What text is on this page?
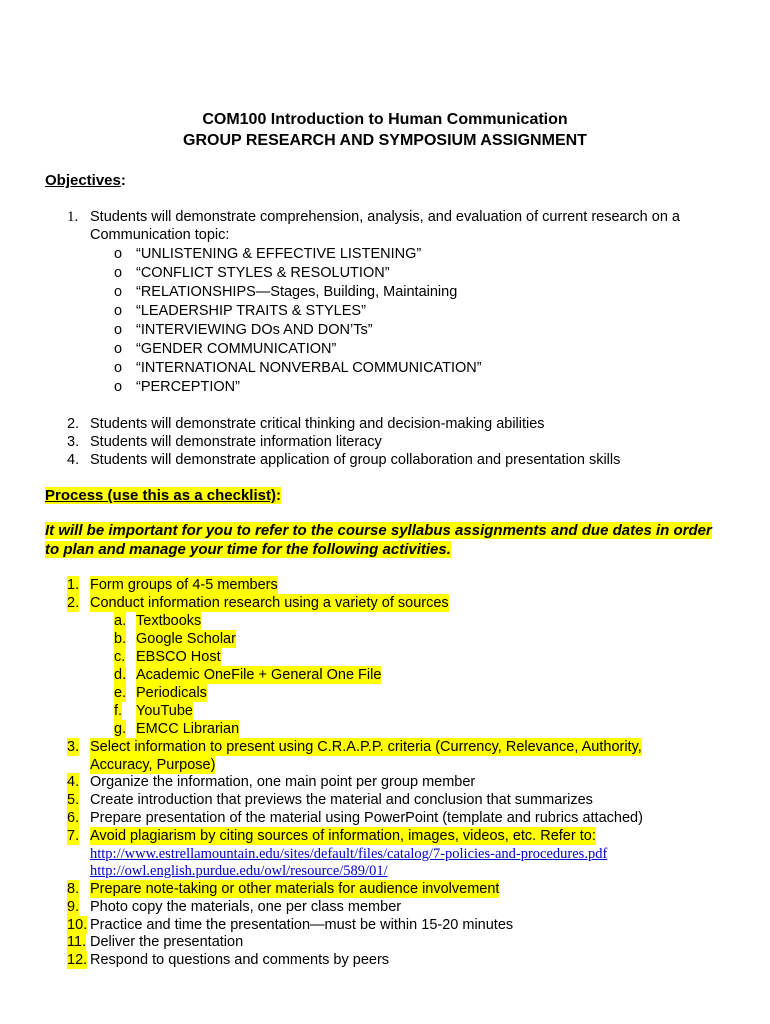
COM100 Introduction to Human Communication
GROUP RESEARCH AND SYMPOSIUM ASSIGNMENT
Objectives:
1. Students will demonstrate comprehension, analysis, and evaluation of current research on a
Communication topic:
o “UNLISTENING & EFFECTIVE LISTENING”
o “CONFLICT STYLES & RESOLUTION”
o “RELATIONSHIPS—Stages, Building, Maintaining
o “LEADERSHIP TRAITS & STYLES”
o “INTERVIEWING DOs AND DON’Ts”
o “GENDER COMMUNICATION”
o “INTERNATIONAL NONVERBAL COMMUNICATION”
o “PERCEPTION”
2. Students will demonstrate critical thinking and decision-making abilities
3. Students will demonstrate information literacy
4. Students will demonstrate application of group collaboration and presentation skills
Process (use this as a checklist):
It will be important for you to refer to the course syllabus assignments and due dates in order
to plan and manage your time for the following activities.
1. Form groups of 4-5 members
2. Conduct information research using a variety of sources
a. Textbooks
b. Google Scholar
c. EBSCO Host
d. Academic OneFile + General One File
e. Periodicals
f. YouTube
g. EMCC Librarian
3. Select information to present using C.R.A.P.P. criteria (Currency, Relevance, Authority,
Accuracy, Purpose)
4. Organize the information, one main point per group member
5. Create introduction that previews the material and conclusion that summarizes
6. Prepare presentation of the material using PowerPoint (template and rubrics attached)
7. Avoid plagiarism by citing sources of information, images, videos, etc. Refer to:
http://www.estrellamountain.edu/sites/default/files/catalog/7-policies-and-procedures.pdf
http://owl.english.purdue.edu/owl/resource/589/01/
8. Prepare note-taking or other materials for audience involvement
9. Photo copy the materials, one per class member
10. Practice and time the presentation—must be within 15-20 minutes
11. Deliver the presentation
12. Respond to questions and comments by peers
